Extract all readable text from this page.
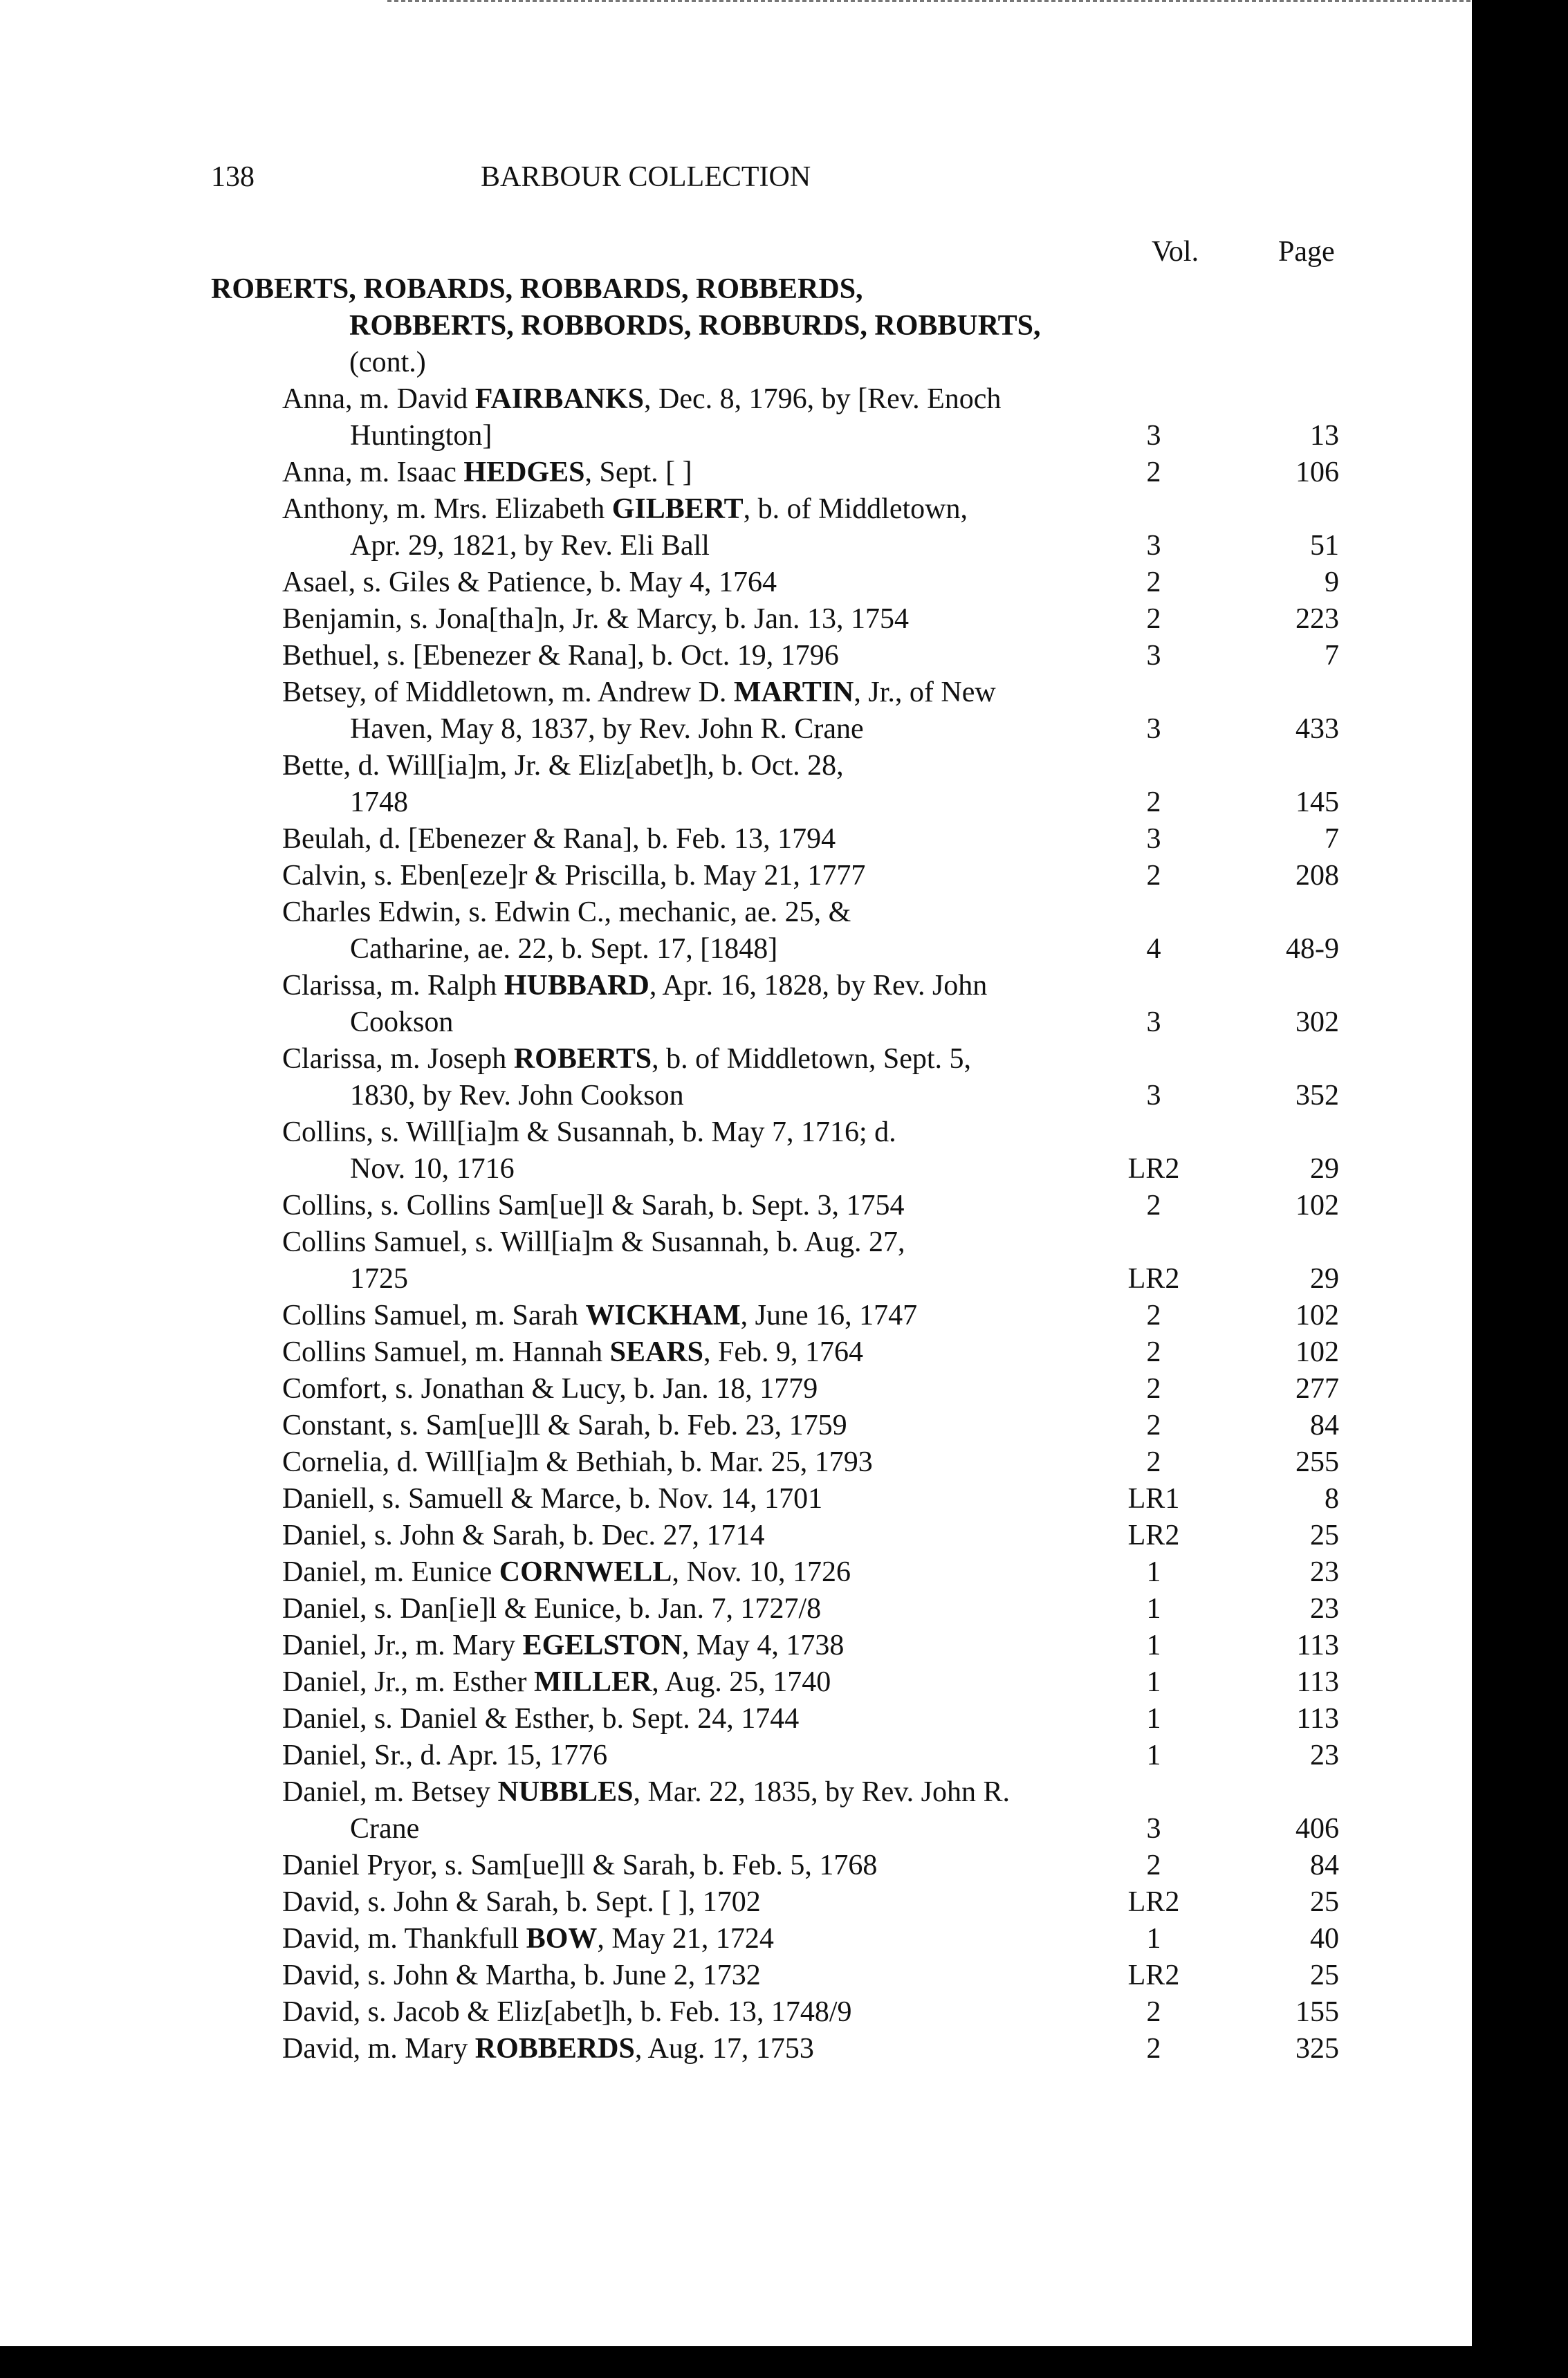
138	BARBOUR COLLECTION
Vol.	Page
ROBERTS, ROBARDS, ROBBARDS, ROBBERDS,
ROBBERTS, ROBBORDS, ROBBURDS, ROBBURTS,
(cont.)
Anna, m. David FAIRBANKS, Dec. 8, 1796, by [Rev. Enoch
Huntington]	3	13
Anna, m. Isaac HEDGES, Sept. [ ]	2	106
Anthony, m. Mrs. Elizabeth GILBERT, b. of Middletown,
Apr. 29, 1821, by Rev. Eli Ball	3	51
Asael, s. Giles & Patience, b. May 4, 1764	2	9
Benjamin, s. Jona[tha]n, Jr. & Marcy, b. Jan. 13, 1754	2	223
Bethuel, s. [Ebenezer & Rana], b. Oct. 19, 1796	3	7
Betsey, of Middletown, m. Andrew D. MARTIN, Jr., of New
Haven, May 8, 1837, by Rev. John R. Crane	3	433
Bette, d. Will[ia]m, Jr. & Eliz[abet]h, b. Oct. 28,
1748	2	145
Beulah, d. [Ebenezer & Rana], b. Feb. 13, 1794	3	7
Calvin, s. Eben[eze]r & Priscilla, b. May 21, 1777	2	208
Charles Edwin, s. Edwin C., mechanic, ae. 25, &
Catharine, ae. 22, b. Sept. 17, [1848]	4	48-9
Clarissa, m. Ralph HUBBARD, Apr. 16, 1828, by Rev. John
Cookson	3	302
Clarissa, m. Joseph ROBERTS, b. of Middletown, Sept. 5,
1830, by Rev. John Cookson	3	352
Collins, s. Will[ia]m & Susannah, b. May 7, 1716; d.
Nov. 10, 1716	LR2	29
Collins, s. Collins Sam[ue]l & Sarah, b. Sept. 3, 1754	2	102
Collins Samuel, s. Will[ia]m & Susannah, b. Aug. 27,
1725	LR2	29
Collins Samuel, m. Sarah WICKHAM, June 16, 1747	2	102
Collins Samuel, m. Hannah SEARS, Feb. 9, 1764	2	102
Comfort, s. Jonathan & Lucy, b. Jan. 18, 1779	2	277
Constant, s. Sam[ue]ll & Sarah, b. Feb. 23, 1759	2	84
Cornelia, d. Will[ia]m & Bethiah, b. Mar. 25, 1793	2	255
Daniell, s. Samuell & Marce, b. Nov. 14, 1701	LR1	8
Daniel, s. John & Sarah, b. Dec. 27, 1714	LR2	25
Daniel, m. Eunice CORNWELL, Nov. 10, 1726	1	23
Daniel, s. Dan[ie]l & Eunice, b. Jan. 7, 1727/8	1	23
Daniel, Jr., m. Mary EGELSTON, May 4, 1738	1	113
Daniel, Jr., m. Esther MILLER, Aug. 25, 1740	1	113
Daniel, s. Daniel & Esther, b. Sept. 24, 1744	1	113
Daniel, Sr., d. Apr. 15, 1776	1	23
Daniel, m. Betsey NUBBLES, Mar. 22, 1835, by Rev. John R.
Crane	3	406
Daniel Pryor, s. Sam[ue]ll & Sarah, b. Feb. 5, 1768	2	84
David, s. John & Sarah, b. Sept. [ ], 1702	LR2	25
David, m. Thankfull BOW, May 21, 1724	1	40
David, s. John & Martha, b. June 2, 1732	LR2	25
David, s. Jacob & Eliz[abet]h, b. Feb. 13, 1748/9	2	155
David, m. Mary ROBBERDS, Aug. 17, 1753	2	325
